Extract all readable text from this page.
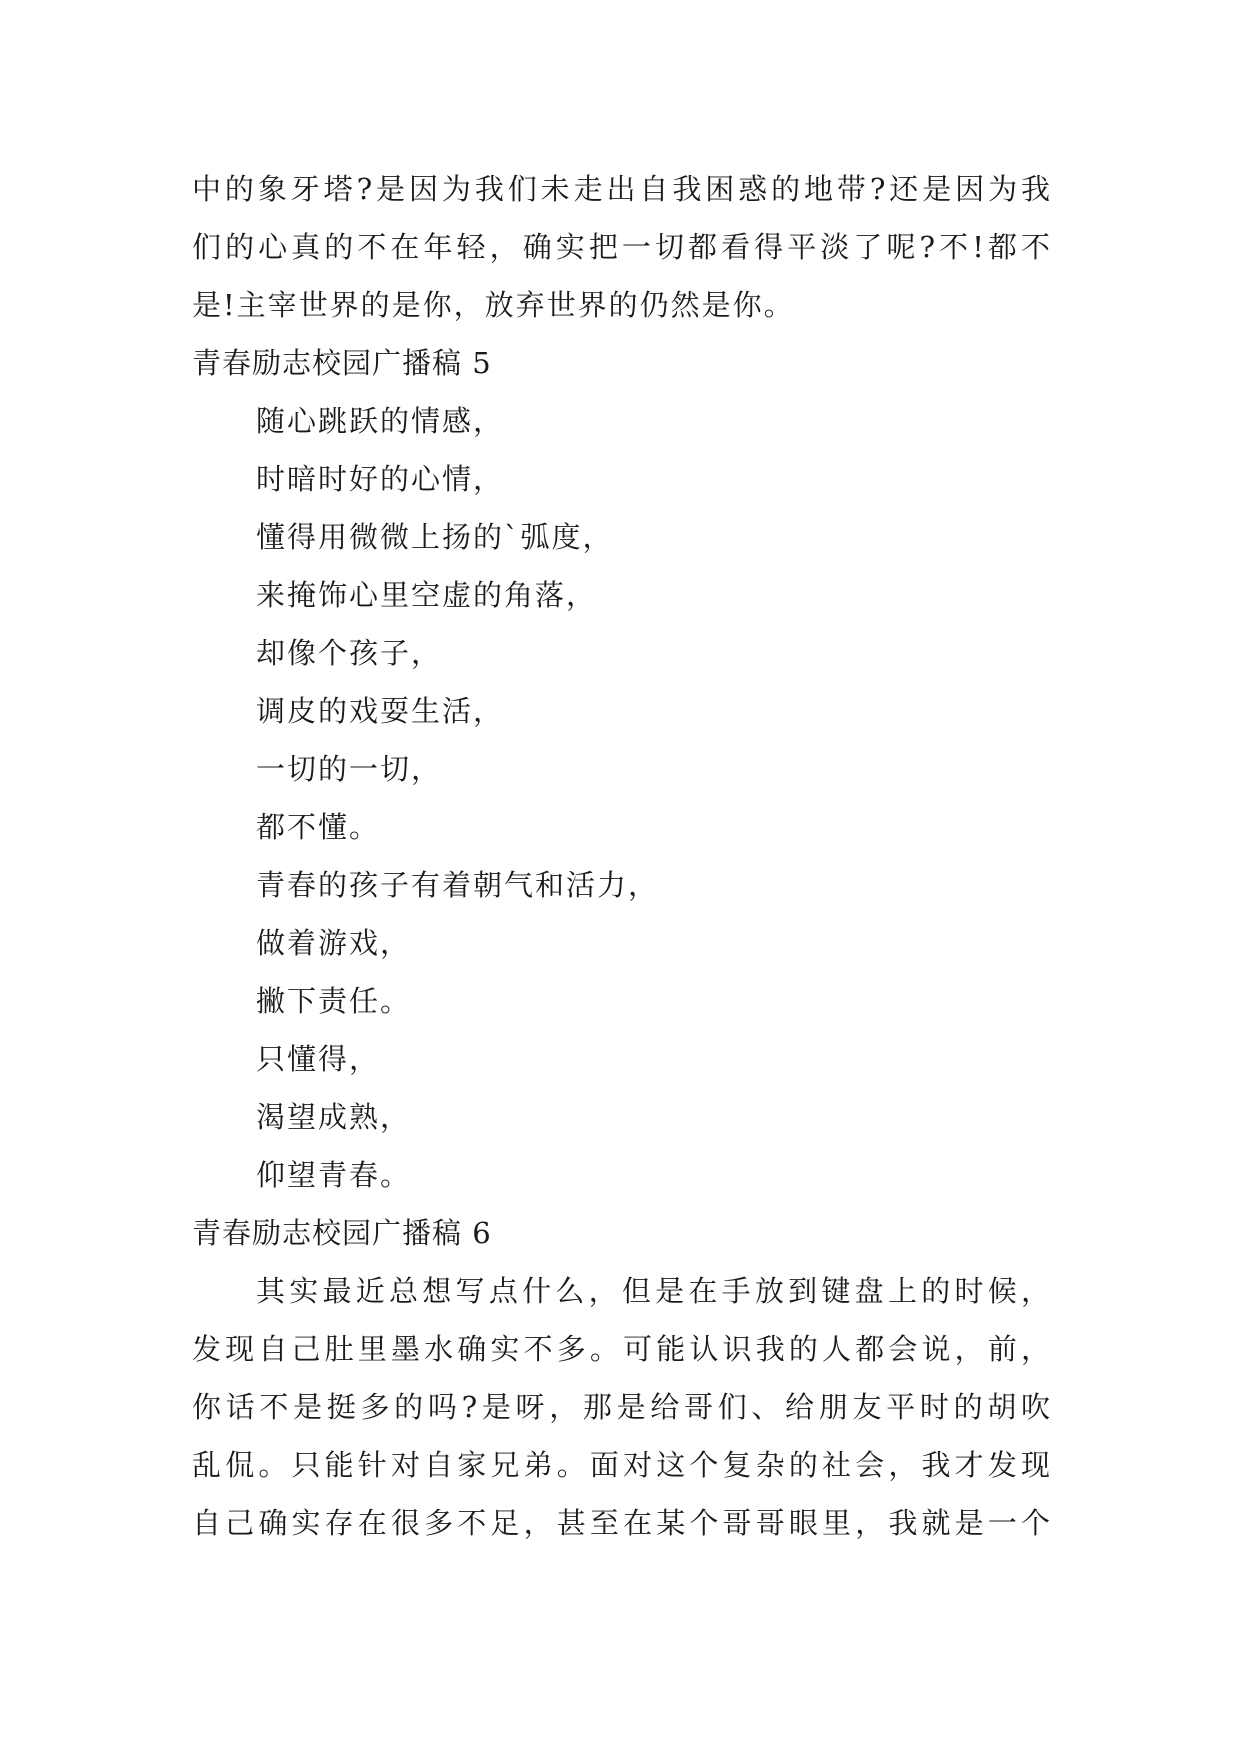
中的象牙塔?是因为我们未走出自我困惑的地带?还是因为我
们的心真的不在年轻，确实把一切都看得平淡了呢?不!都不
是!主宰世界的是你，放弃世界的仍然是你。
青春励志校园广播稿 5
随心跳跃的情感，
时暗时好的心情，
懂得用微微上扬的`弧度，
来掩饰心里空虚的角落，
却像个孩子，
调皮的戏耍生活，
一切的一切，
都不懂。
青春的孩子有着朝气和活力，
做着游戏，
撇下责任。
只懂得，
渴望成熟，
仰望青春。
青春励志校园广播稿 6
其实最近总想写点什么，但是在手放到键盘上的时候，
发现自己肚里墨水确实不多。可能认识我的人都会说，前，
你话不是挺多的吗?是呀，那是给哥们、给朋友平时的胡吹
乱侃。只能针对自家兄弟。面对这个复杂的社会，我才发现
自己确实存在很多不足，甚至在某个哥哥眼里，我就是一个
